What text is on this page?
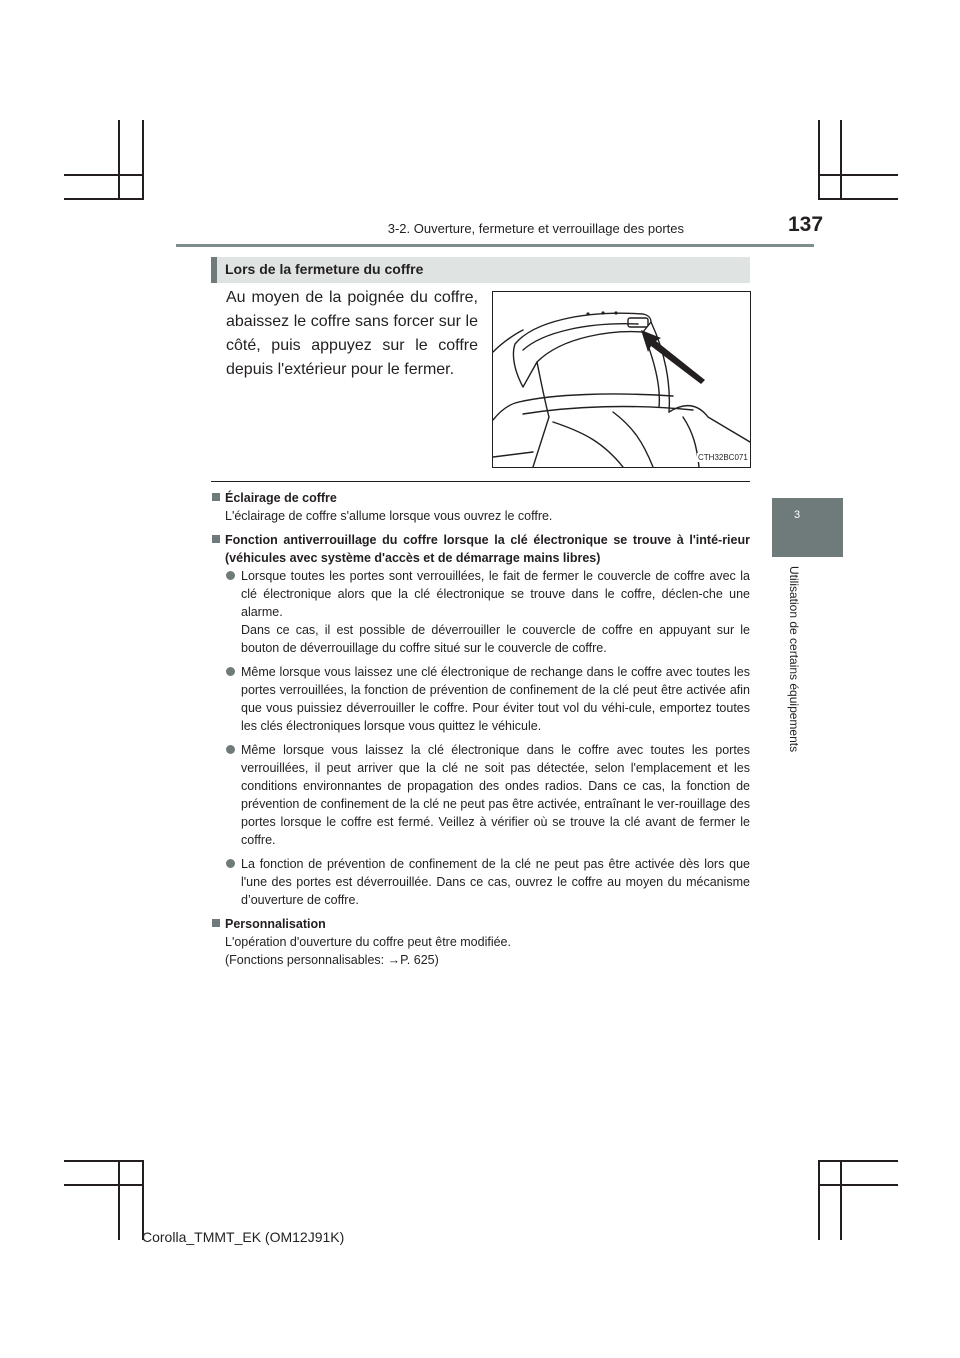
3-2. Ouverture, fermeture et verrouillage des portes	137
3
Utilisation de certains équipements
Lors de la fermeture du coffre
Au moyen de la poignée du coffre, abaissez le coffre sans forcer sur le côté, puis appuyez sur le coffre depuis l'extérieur pour le fermer.
CTH32BC071
Éclairage de coffre
L'éclairage de coffre s'allume lorsque vous ouvrez le coffre.
Fonction antiverrouillage du coffre lorsque la clé électronique se trouve à l'inté-rieur (véhicules avec système d'accès et de démarrage mains libres)
Lorsque toutes les portes sont verrouillées, le fait de fermer le couvercle de coffre avec la clé électronique alors que la clé électronique se trouve dans le coffre, déclen-che une alarme.
Dans ce cas, il est possible de déverrouiller le couvercle de coffre en appuyant sur le bouton de déverrouillage du coffre situé sur le couvercle de coffre.
Même lorsque vous laissez une clé électronique de rechange dans le coffre avec toutes les portes verrouillées, la fonction de prévention de confinement de la clé peut être activée afin que vous puissiez déverrouiller le coffre. Pour éviter tout vol du véhi-cule, emportez toutes les clés électroniques lorsque vous quittez le véhicule.
Même lorsque vous laissez la clé électronique dans le coffre avec toutes les portes verrouillées, il peut arriver que la clé ne soit pas détectée, selon l'emplacement et les conditions environnantes de propagation des ondes radios. Dans ce cas, la fonction de prévention de confinement de la clé ne peut pas être activée, entraînant le ver-rouillage des portes lorsque le coffre est fermé. Veillez à vérifier où se trouve la clé avant de fermer le coffre.
La fonction de prévention de confinement de la clé ne peut pas être activée dès lors que l'une des portes est déverrouillée. Dans ce cas, ouvrez le coffre au moyen du mécanisme d’ouverture de coffre.
Personnalisation
L'opération d'ouverture du coffre peut être modifiée.
(Fonctions personnalisables: →P. 625)
Corolla_TMMT_EK (OM12J91K)
